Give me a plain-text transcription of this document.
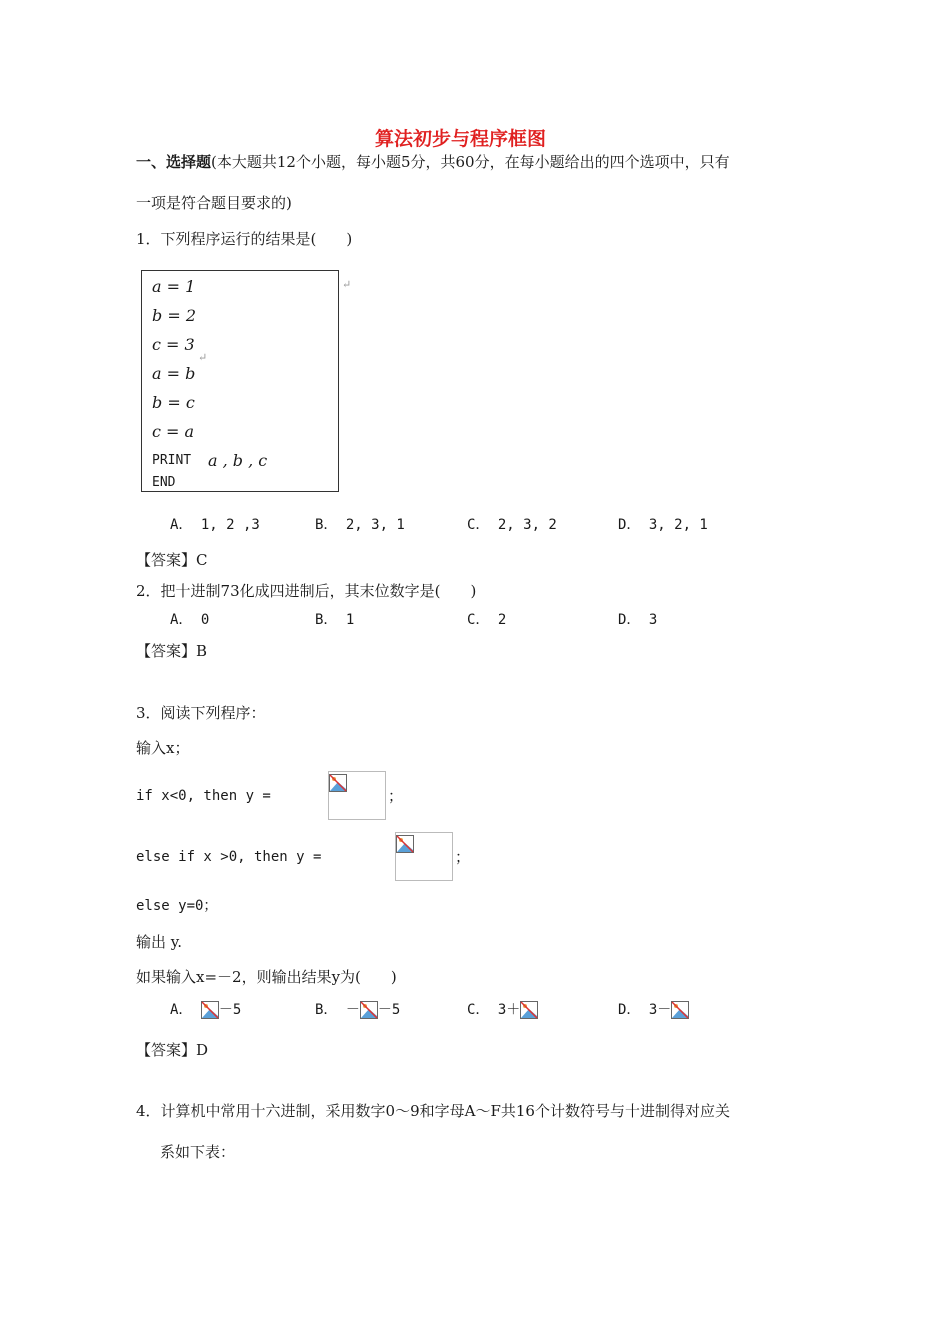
算法初步与程序框图
一、选择题(本大题共12个小题，每小题5分，共60分，在每小题给出的四个选项中，只有
一项是符合题目要求的)
1．下列程序运行的结果是(　　)
a = 1
b = 2
c = 3
a = b
b = c
c = a
PRINT a , b , c
END
↵
↵
A． 1, 2 ,3	B． 2, 3, 1	C． 2, 3, 2	D． 3, 2, 1
【答案】C
2．把十进制73化成四进制后，其末位数字是(　　)
A． 0	B． 1	C． 2	D． 3
【答案】B
3．阅读下列程序：
输入x；
if x<0, then y =	；
else if x >0, then y =	；
else y=0；
输出 y.
如果输入x=－2，则输出结果y为(　　)
A． －5	B． － －5	C． 3＋	D． 3－
【答案】D
4．计算机中常用十六进制，采用数字0～9和字母A～F共16个计数符号与十进制得对应关
系如下表：
